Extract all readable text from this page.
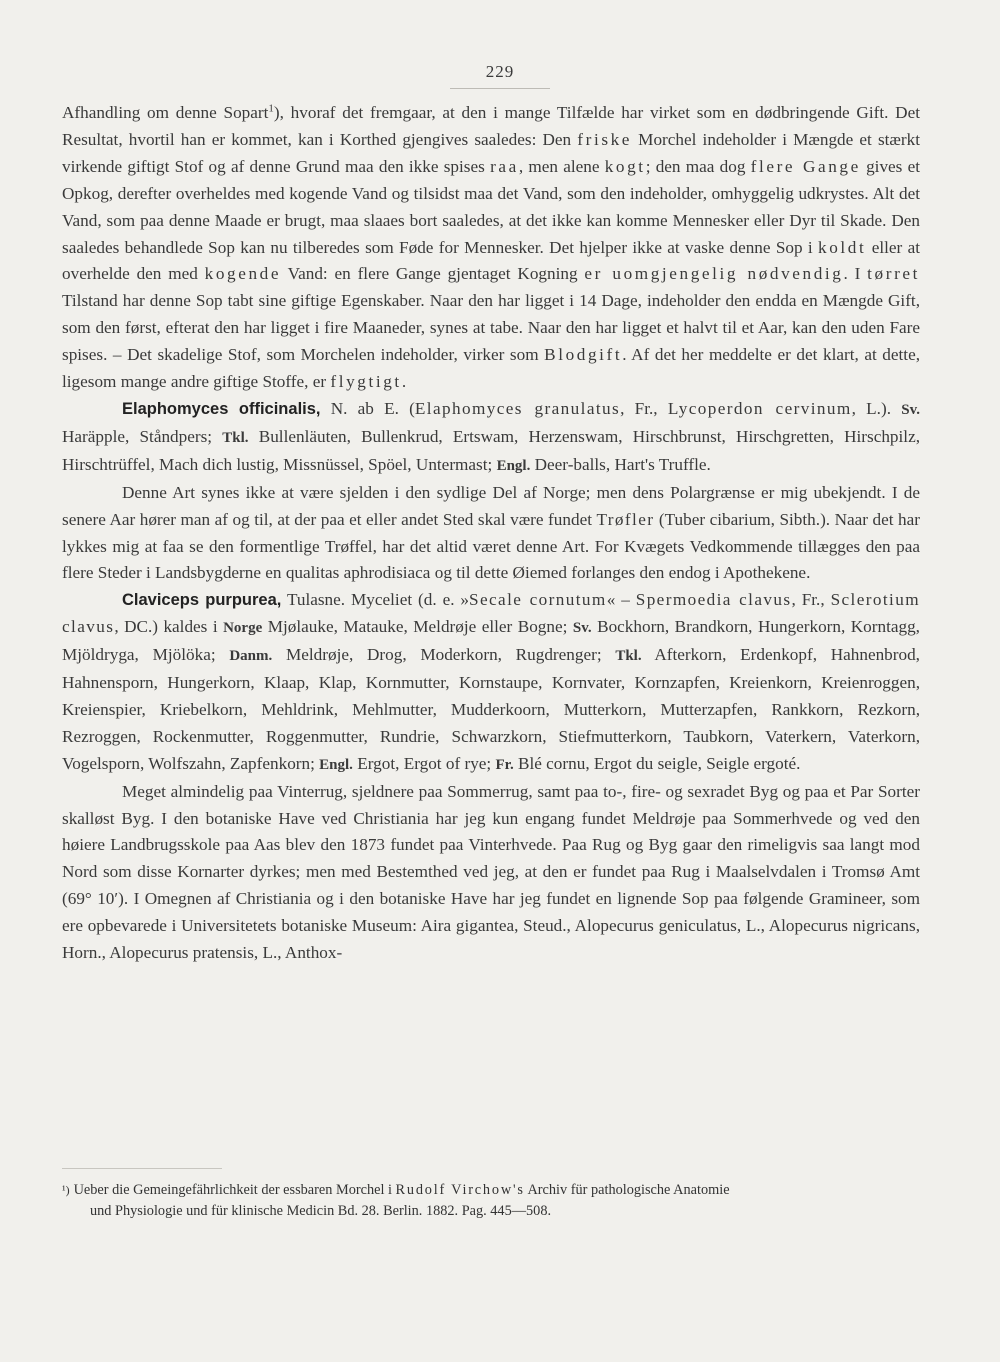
229

Afhandling om denne Sopart$^1$), hvoraf det fremgaar, at den i mange Tilfælde har virket som en dødbringende Gift. Det Resultat, hvortil han er kommet, kan i Korthed gjengives saaledes: Den friske Morchel indeholder i Mængde et stærkt virkende giftigt Stof og af denne Grund maa den ikke spises raa, men alene kogt; den maa dog flere Gange gives et Opkog, derefter overheldes med kogende Vand og tilsidst maa det Vand, som den indeholder, omhyggelig udkrystes. Alt det Vand, som paa denne Maade er brugt, maa slaaes bort saaledes, at det ikke kan komme Mennesker eller Dyr til Skade. Den saaledes behandlede Sop kan nu tilberedes som Føde for Mennesker. Det hjelper ikke at vaske denne Sop i koldt eller at overhelde den med kogende Vand: en flere Gange gjentaget Kogning er uomgjengelig nødvendig. I tørret Tilstand har denne Sop tabt sine giftige Egenskaber. Naar den har ligget i 14 Dage, indeholder den endda en Mængde Gift, som den først, efterat den har ligget i fire Maaneder, synes at tabe. Naar den har ligget et halvt til et Aar, kan den uden Fare spises. – Det skadelige Stof, som Morchelen indeholder, virker som Blodgift. Af det her meddelte er det klart, at dette, ligesom mange andre giftige Stoffe, er flygtigt.

Elaphomyces officinalis, N. ab E. (Elaphomyces granulatus, Fr., Lycoperdon cervinum, L.). Sv. Haräpple, Ståndpers; Tkl. Bullenläuten, Bullenkrud, Ertswam, Herzenswam, Hirschbrunst, Hirschgretten, Hirschpilz, Hirschtrüffel, Mach dich lustig, Missnüssel, Spöel, Untermast; Engl. Deer-balls, Hart's Truffle.

Denne Art synes ikke at være sjelden i den sydlige Del af Norge; men dens Polargrænse er mig ubekjendt. I de senere Aar hører man af og til, at der paa et eller andet Sted skal være fundet Trøfler (Tuber cibarium, Sibth.). Naar det har lykkes mig at faa se den formentlige Trøffel, har det altid været denne Art. For Kvægets Vedkommende tillægges den paa flere Steder i Landsbygderne en qualitas aphrodisiaca og til dette Øiemed forlanges den endog i Apothekene.

Claviceps purpurea, Tulasne. Myceliet (d. e. »Secale cornutum« – Spermoedia clavus, Fr., Sclerotium clavus, DC.) kaldes i Norge Mjølauke, Matauke, Meldrøje eller Bogne; Sv. Bockhorn, Brandkorn, Hungerkorn, Korntagg, Mjöldryga, Mjölöka; Danm. Meldrøje, Drog, Moderkorn, Rugdrenger; Tkl. Afterkorn, Erdenkopf, Hahnenbrod, Hahnensporn, Hungerkorn, Klaap, Klap, Kornmutter, Kornstaupe, Kornvater, Kornzapfen, Kreienkorn, Kreienroggen, Kreienspier, Kriebelkorn, Mehldrink, Mehlmutter, Mudderkoorn, Mutterkorn, Mutterzapfen, Rankkorn, Rezkorn, Rezroggen, Rockenmutter, Roggenmutter, Rundrie, Schwarzkorn, Stiefmutterkorn, Taubkorn, Vaterkern, Vaterkorn, Vogelsporn, Wolfszahn, Zapfenkorn; Engl. Ergot, Ergot of rye; Fr. Blé cornu, Ergot du seigle, Seigle ergoté.

Meget almindelig paa Vinterrug, sjeldnere paa Sommerrug, samt paa to-, fire- og sexradet Byg og paa et Par Sorter skalløst Byg. I den botaniske Have ved Christiania har jeg kun engang fundet Meldrøje paa Sommerhvede og ved den høiere Landbrugsskole paa Aas blev den 1873 fundet paa Vinterhvede. Paa Rug og Byg gaar den rimeligvis saa langt mod Nord som disse Kornarter dyrkes; men med Bestemthed ved jeg, at den er fundet paa Rug i Maalselvdalen i Tromsø Amt (69° 10′). I Omegnen af Christiania og i den botaniske Have har jeg fundet en lignende Sop paa følgende Gramineer, som ere opbevarede i Universitetets botaniske Museum: Aira gigantea, Steud., Alopecurus geniculatus, L., Alopecurus nigricans, Horn., Alopecurus pratensis, L., Anthox-

¹) Ueber die Gemeingefährlichkeit der essbaren Morchel i Rudolf Virchow's Archiv für pathologische Anatomie
und Physiologie und für klinische Medicin Bd. 28. Berlin. 1882. Pag. 445—508.
